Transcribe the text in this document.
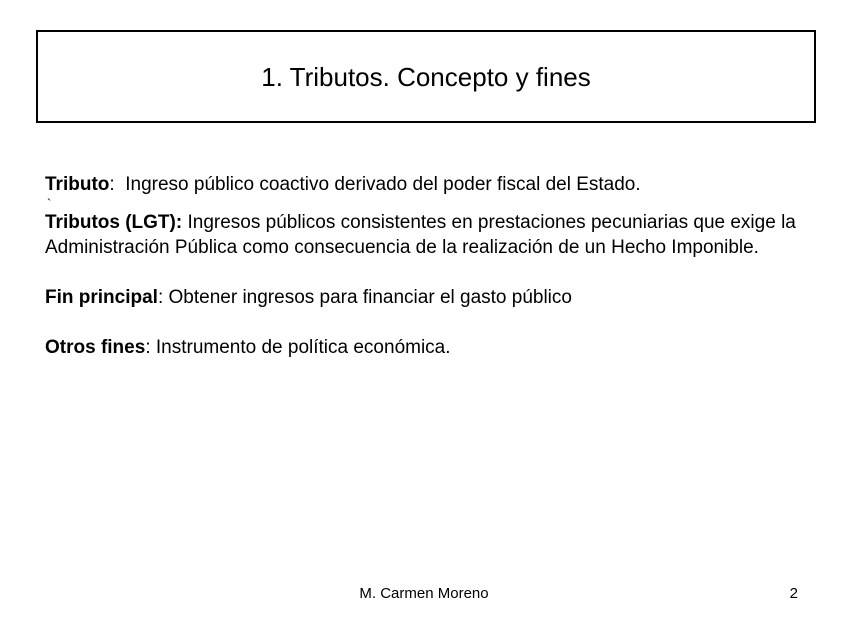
1. Tributos. Concepto y fines

Tributo: Ingreso público coactivo derivado del poder fiscal del Estado.

`

Tributos (LGT): Ingresos públicos consistentes en prestaciones pecuniarias que exige la Administración Pública como consecuencia de la realización de un Hecho Imponible.

Fin principal: Obtener ingresos para financiar el gasto público

Otros fines: Instrumento de política económica.

M. Carmen Moreno	2
